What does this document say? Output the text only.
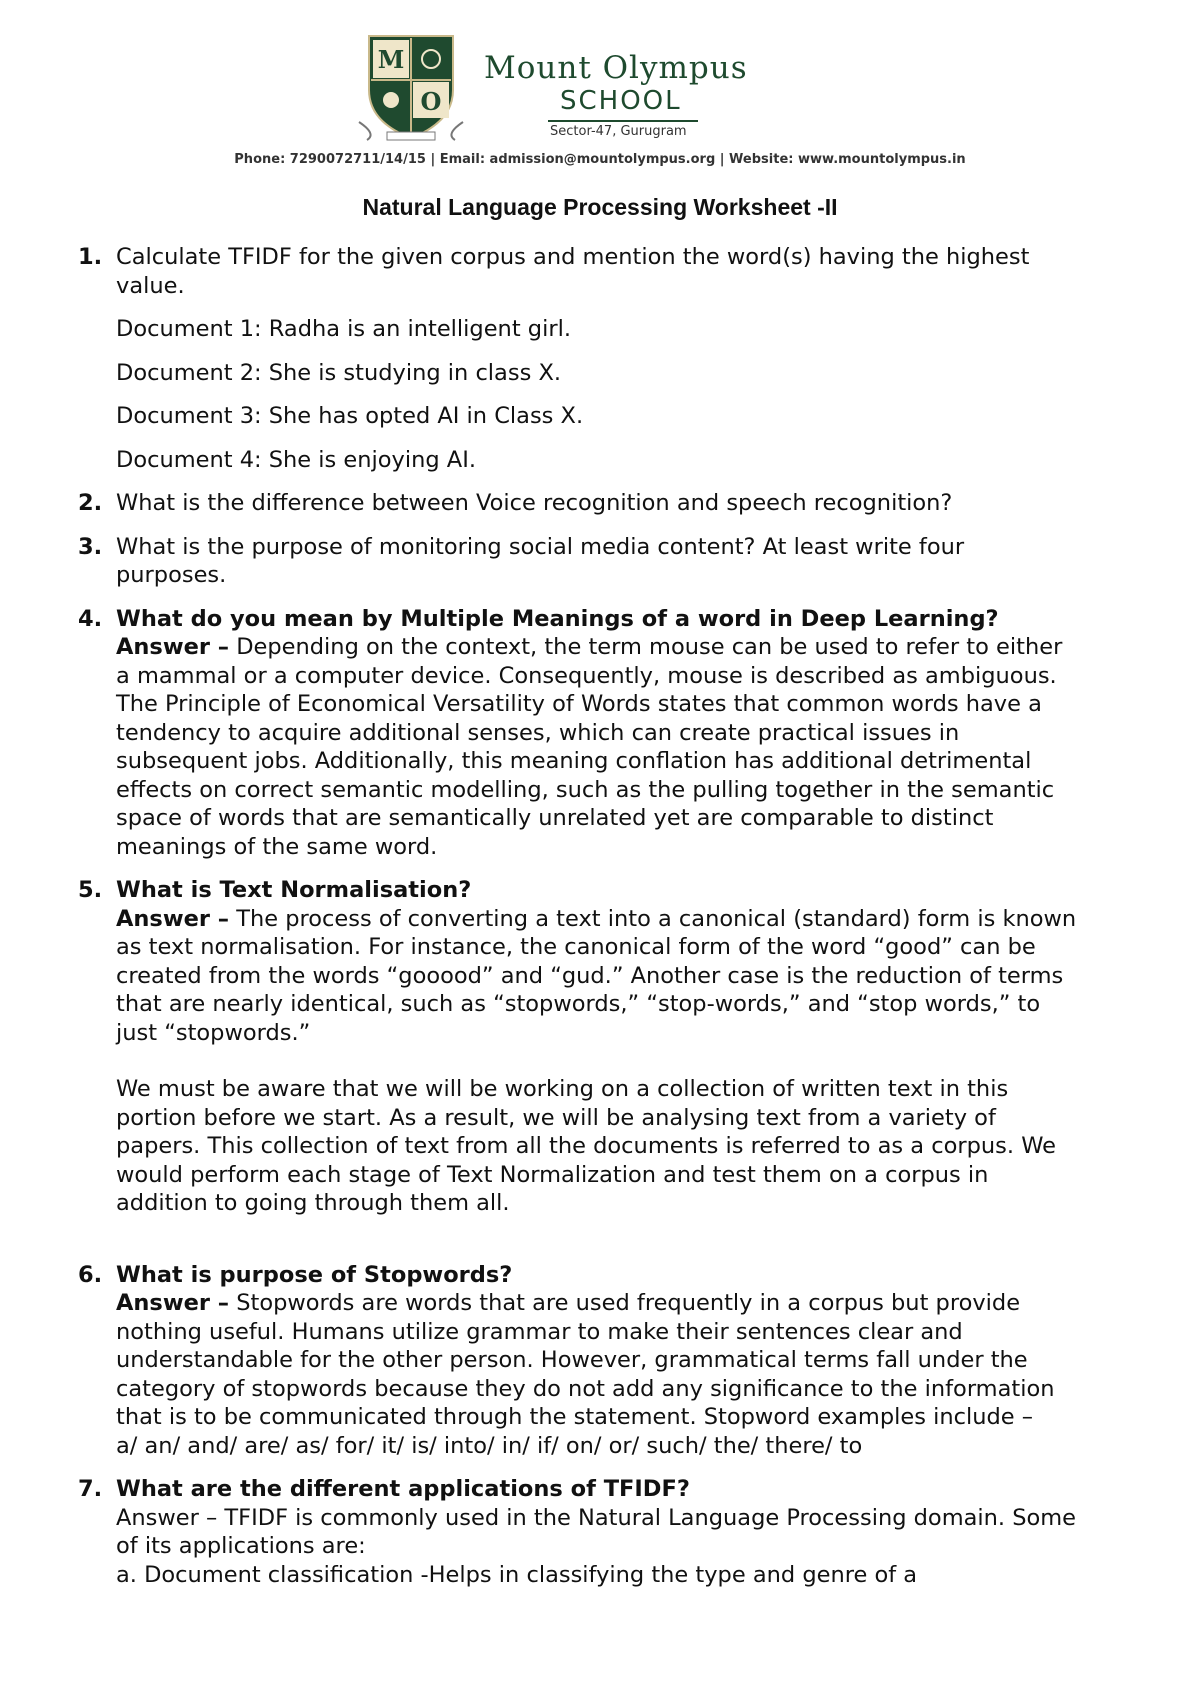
M
O
Mount Olympus
SCHOOL
Sector-47, Gurugram
Phone: 7290072711/14/15 | Email: admission@mountolympus.org | Website: www.mountolympus.in
Natural Language Processing Worksheet -II
1. Calculate TFIDF for the given corpus and mention the word(s) having the highest value.

Document 1: Radha is an intelligent girl.

Document 2: She is studying in class X.

Document 3: She has opted AI in Class X.

Document 4: She is enjoying AI.

2. What is the difference between Voice recognition and speech recognition?

3. What is the purpose of monitoring social media content? At least write four purposes.

4. What do you mean by Multiple Meanings of a word in Deep Learning?

Answer – Depending on the context, the term mouse can be used to refer to either a mammal or a computer device. Consequently, mouse is described as ambiguous. The Principle of Economical Versatility of Words states that common words have a tendency to acquire additional senses, which can create practical issues in subsequent jobs. Additionally, this meaning conflation has additional detrimental effects on correct semantic modelling, such as the pulling together in the semantic space of words that are semantically unrelated yet are comparable to distinct meanings of the same word.

5. What is Text Normalisation?

Answer – The process of converting a text into a canonical (standard) form is known as text normalisation. For instance, the canonical form of the word “good” can be created from the words “gooood” and “gud.” Another case is the reduction of terms that are nearly identical, such as “stopwords,” “stop-words,” and “stop words,” to just “stopwords.”

We must be aware that we will be working on a collection of written text in this portion before we start. As a result, we will be analysing text from a variety of papers. This collection of text from all the documents is referred to as a corpus. We would perform each stage of Text Normalization and test them on a corpus in addition to going through them all.

6. What is purpose of Stopwords?

Answer – Stopwords are words that are used frequently in a corpus but provide nothing useful. Humans utilize grammar to make their sentences clear and understandable for the other person. However, grammatical terms fall under the category of stopwords because they do not add any significance to the information that is to be communicated through the statement. Stopword examples include –

a/ an/ and/ are/ as/ for/ it/ is/ into/ in/ if/ on/ or/ such/ the/ there/ to

7. What are the different applications of TFIDF?

Answer – TFIDF is commonly used in the Natural Language Processing domain. Some of its applications are:

a. Document classification -Helps in classifying the type and genre of a
